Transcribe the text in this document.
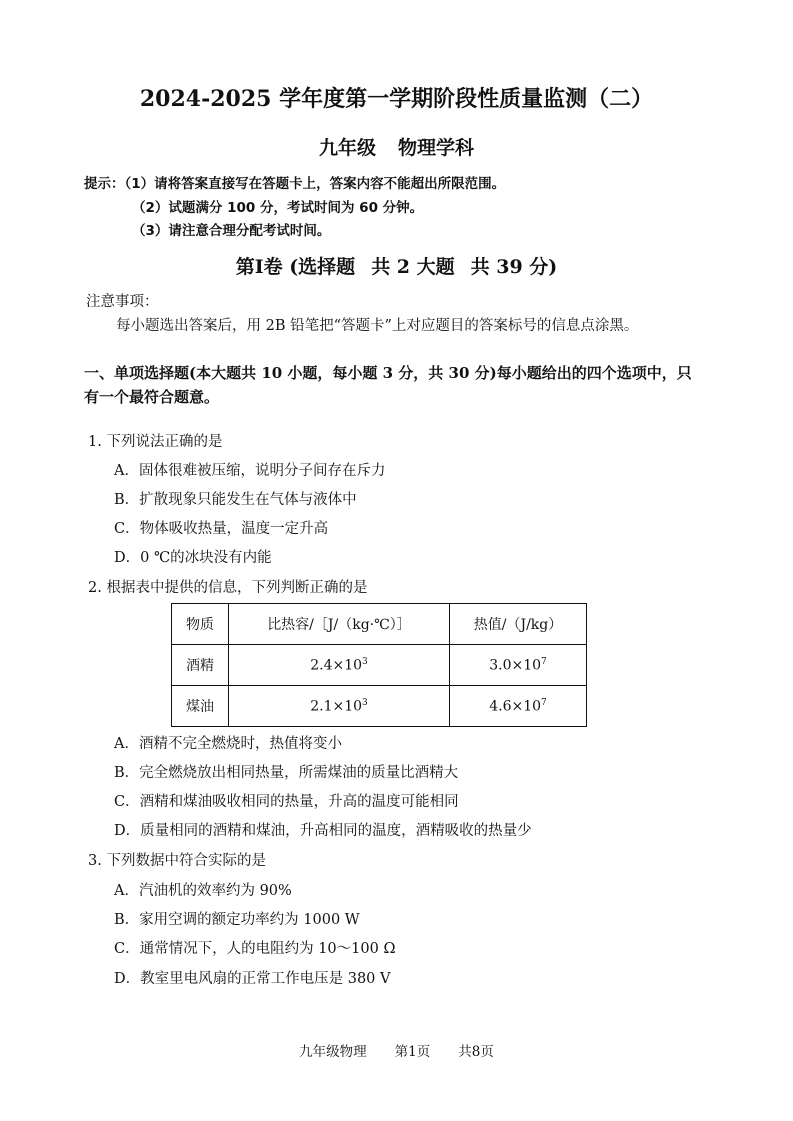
2024-2025 学年度第一学期阶段性质量监测（二）
九年级 物理学科
提示：（1）请将答案直接写在答题卡上，答案内容不能超出所限范围。
（2）试题满分 100 分，考试时间为 60 分钟。
（3）请注意合理分配考试时间。
第Ⅰ卷 (选择题 共 2 大题 共 39 分)
注意事项：
每小题选出答案后，用 2B 铅笔把“答题卡”上对应题目的答案标号的信息点涂黑。
一、单项选择题(本大题共 10 小题，每小题 3 分，共 30 分)每小题给出的四个选项中，只
有一个最符合题意。
1. 下列说法正确的是
A．固体很难被压缩，说明分子间存在斥力
B．扩散现象只能发生在气体与液体中
C．物体吸收热量，温度一定升高
D．0 ℃的冰块没有内能
2. 根据表中提供的信息，下列判断正确的是
物质	比热容/［J/（kg·℃）］	热值/（J/kg）
酒精	$2.4\times 10^3$	$3.0\times 10^7$
煤油	$2.1\times 10^3$	$4.6\times 10^7$
A．酒精不完全燃烧时，热值将变小
B．完全燃烧放出相同热量，所需煤油的质量比酒精大
C．酒精和煤油吸收相同的热量，升高的温度可能相同
D．质量相同的酒精和煤油，升高相同的温度，酒精吸收的热量少
3. 下列数据中符合实际的是
A．汽油机的效率约为 90%
B．家用空调的额定功率约为 1000 W
C．通常情况下，人的电阻约为 10～100 Ω
D．教室里电风扇的正常工作电压是 380 V
九年级物理 第1页 共8页
